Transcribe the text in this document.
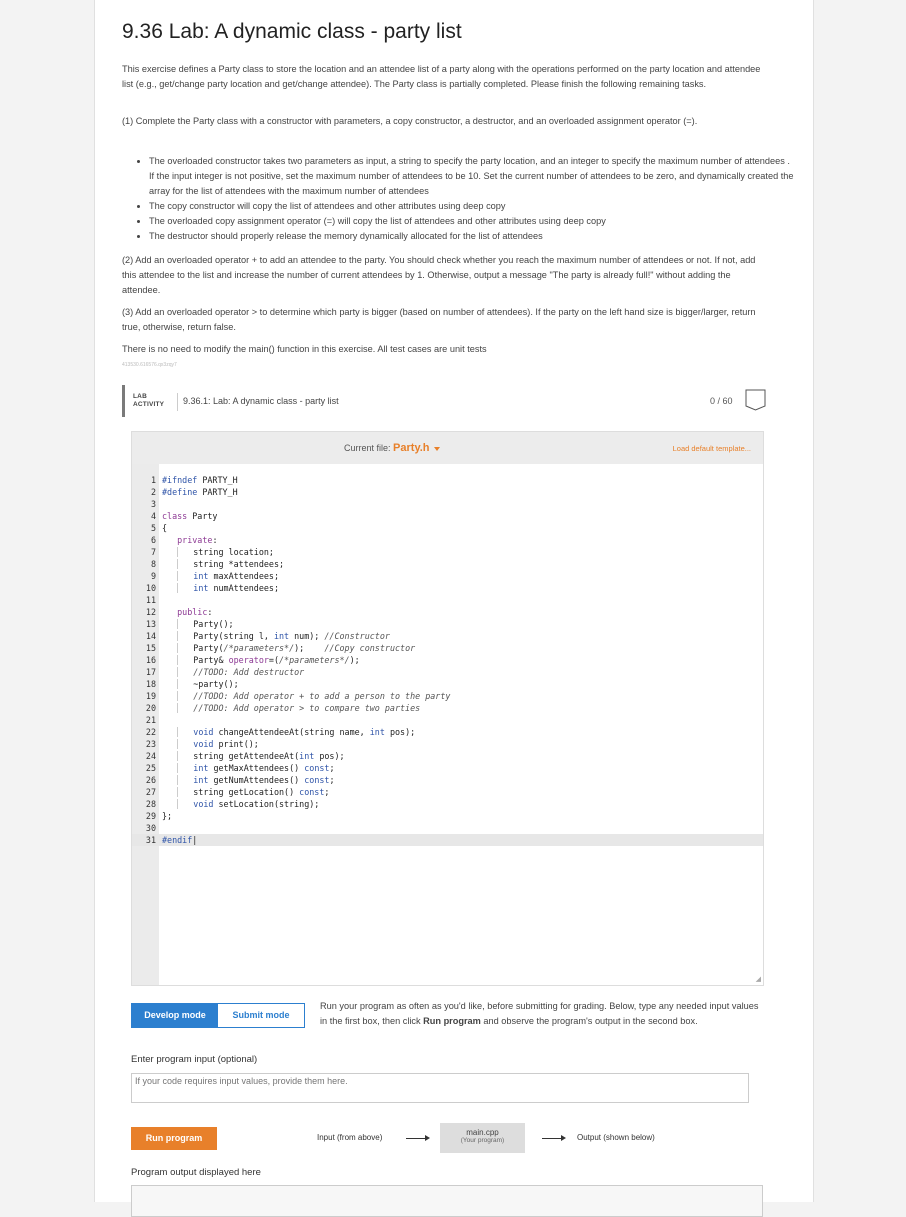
9.36 Lab: A dynamic class - party list

This exercise defines a Party class to store the location and an attendee list of a party along with the operations performed on the party location and attendee list (e.g., get/change party location and get/change attendee). The Party class is partially completed. Please finish the following remaining tasks.

(1) Complete the Party class with a constructor with parameters, a copy constructor, a destructor, and an overloaded assignment operator (=).

• The overloaded constructor takes two parameters as input, a string to specify the party location, and an integer to specify the maximum number of attendees . If the input integer is not positive, set the maximum number of attendees to be 10. Set the current number of attendees to be zero, and dynamically created the array for the list of attendees with the maximum number of attendees
• The copy constructor will copy the list of attendees and other attributes using deep copy
• The overloaded copy assignment operator (=) will copy the list of attendees and other attributes using deep copy
• The destructor should properly release the memory dynamically allocated for the list of attendees

(2) Add an overloaded operator + to add an attendee to the party. You should check whether you reach the maximum number of attendees or not. If not, add this attendee to the list and increase the number of current attendees by 1. Otherwise, output a message "The party is already full!" without adding the attendee.

(3) Add an overloaded operator > to determine which party is bigger (based on number of attendees). If the party on the left hand size is bigger/larger, return true, otherwise, return false.

There is no need to modify the main() function in this exercise. All test cases are unit tests

413530.616576.qx3zqy7
LAB
ACTIVITY 9.36.1: Lab: A dynamic class - party list	0 / 60
Current file: Party.h	Load default template...
1 #ifndef PARTY_H
2 #define PARTY_H
3
4 class Party
5 {
6	private:
7	string location;
8	string *attendees;
9	int maxAttendees;
10	int numAttendees;
11
12	public:
13	Party();
14	Party(string l, int num); //Constructor
15	Party(/*parameters*/);    //Copy constructor
16	Party& operator=(/*parameters*/);
17	//TODO: Add destructor
18	~party();
19	//TODO: Add operator + to add a person to the party
20	//TODO: Add operator > to compare two parties
21
22	void changeAttendeeAt(string name, int pos);
23	void print();
24	string getAttendeeAt(int pos);
25	int getMaxAttendees() const;
26	int getNumAttendees() const;
27	string getLocation() const;
28	void setLocation(string);
29 };
30
31 #endif|
◢
Develop mode	Submit mode
Run your program as often as you'd like, before submitting for grading. Below, type any needed input values in the first box, then click Run program and observe the program's output in the second box.
Enter program input (optional)
If your code requires input values, provide them here.
Run program	Input (from above)
main.cpp
(Your program)	Output (shown below)
Program output displayed here
